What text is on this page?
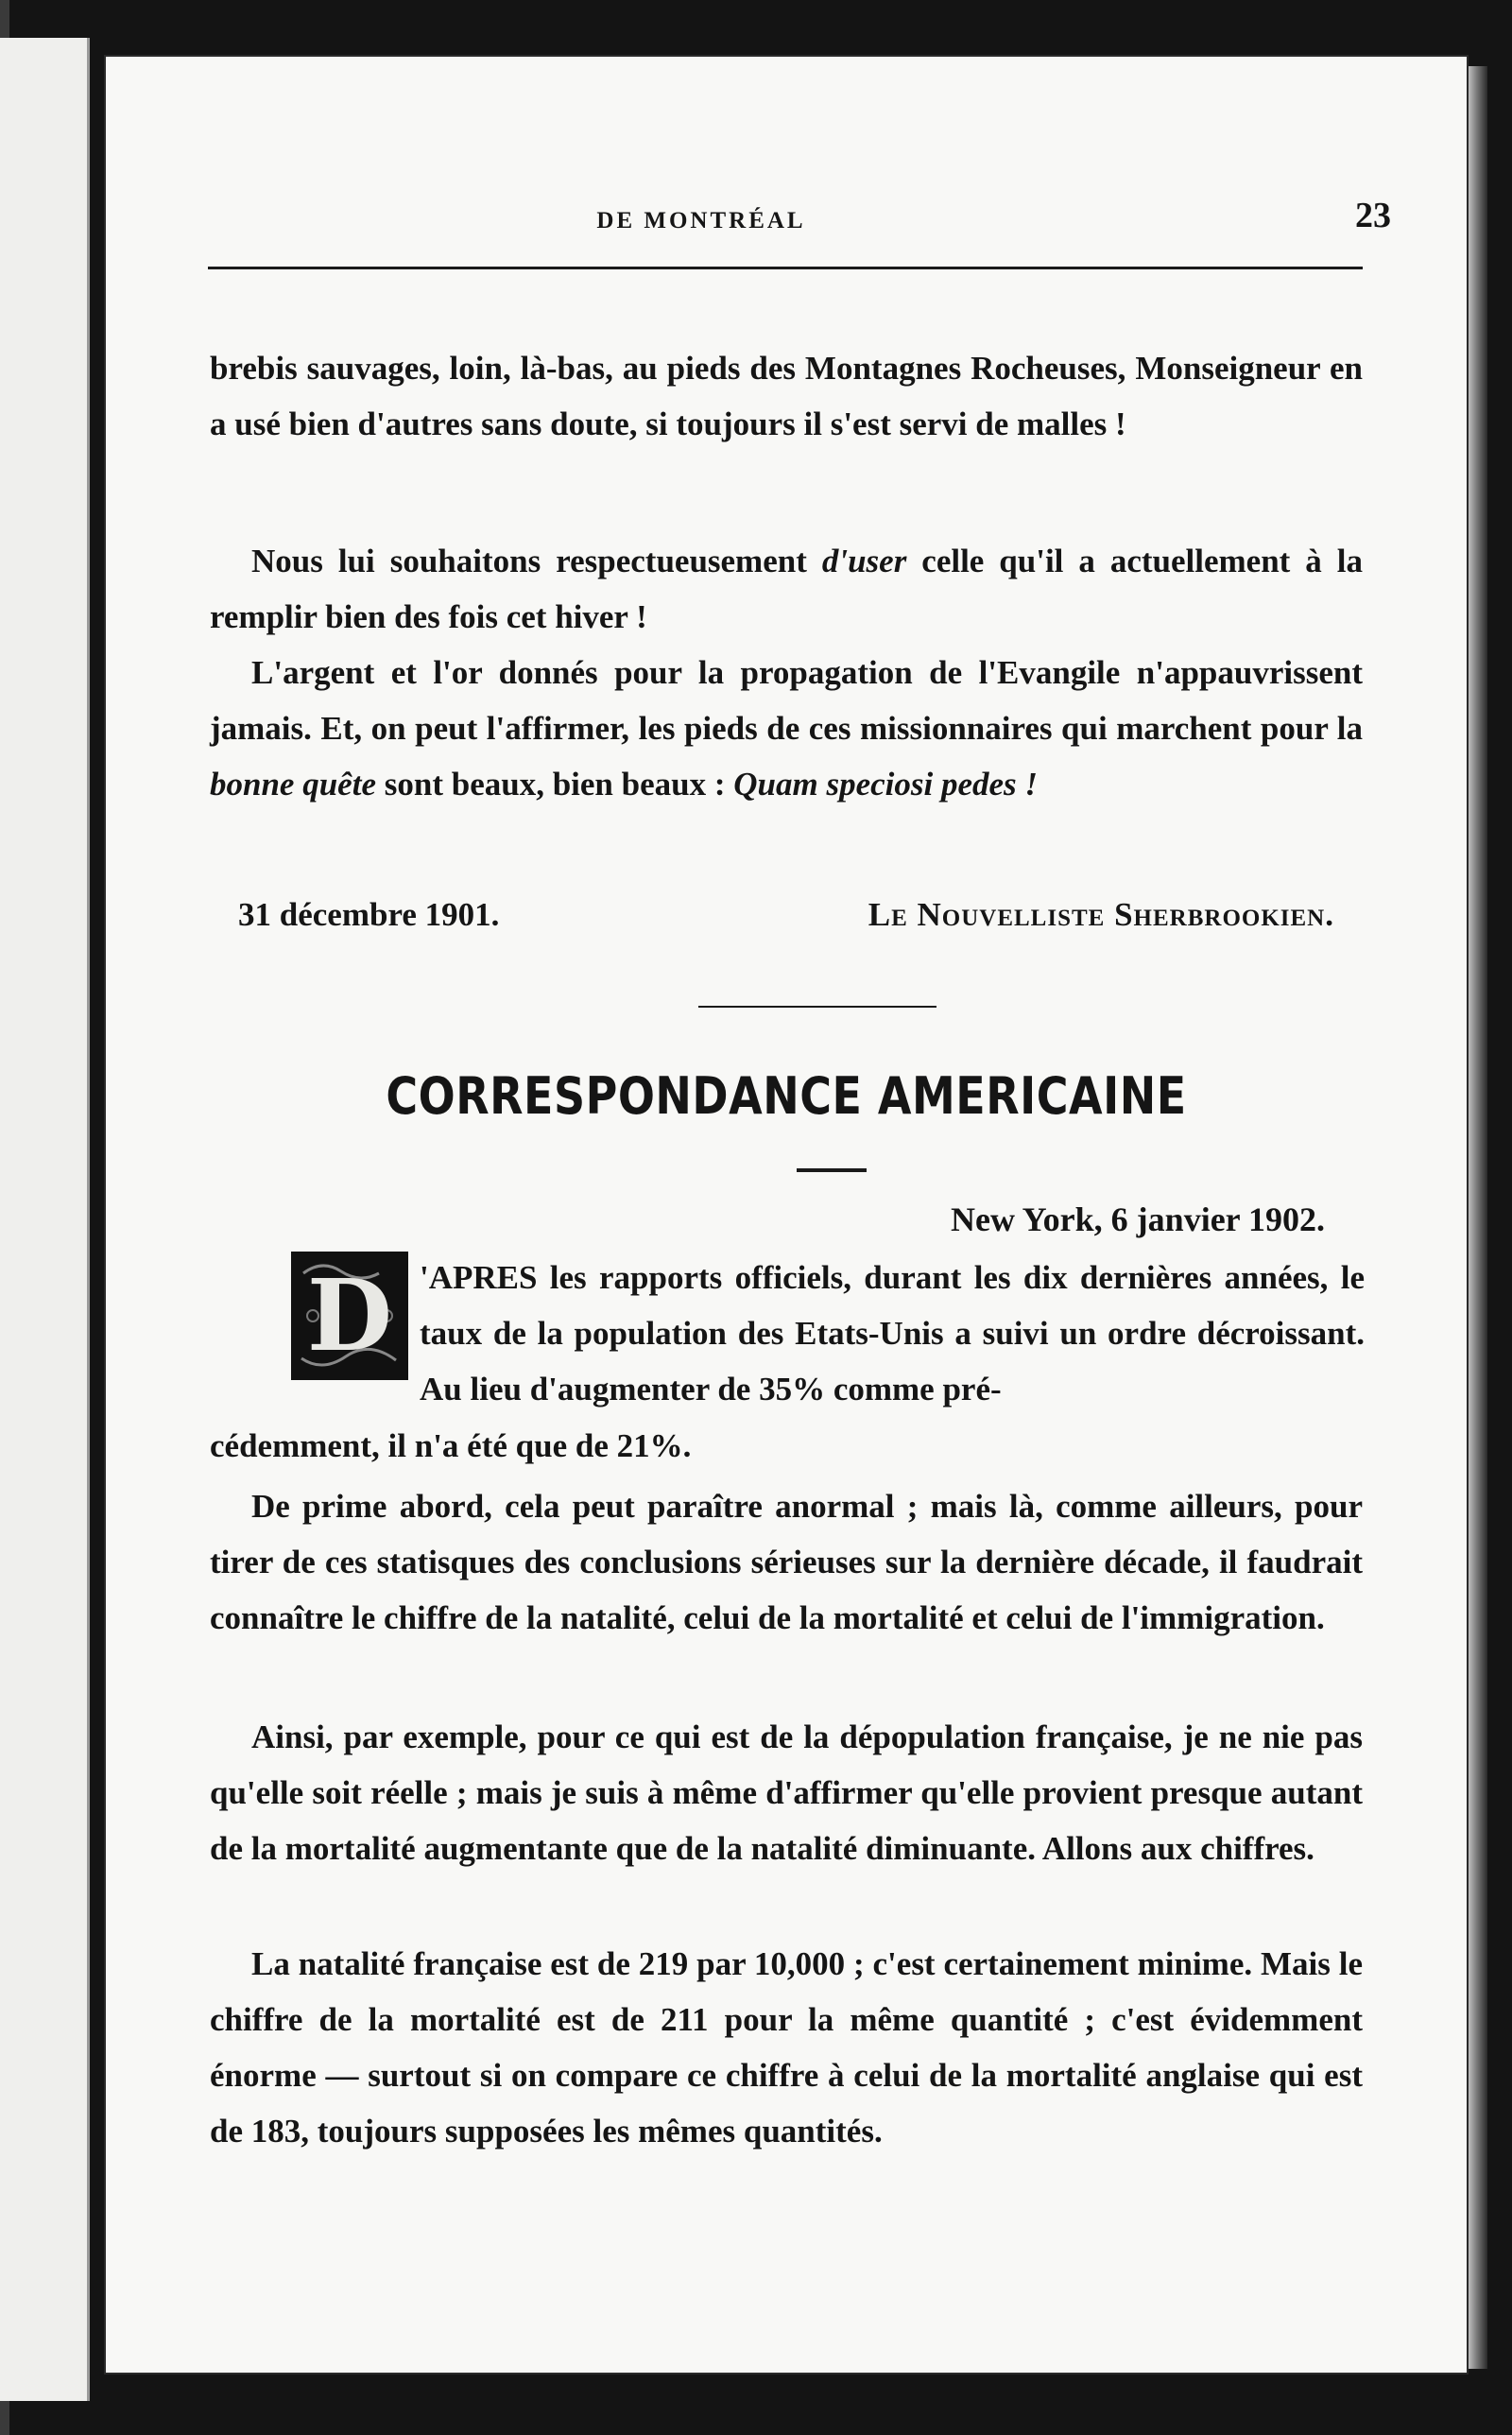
DE MONTRÉAL	23
brebis sauvages, loin, là-bas, au pieds des Montagnes Rocheuses, Monseigneur en a usé bien d'autres sans doute, si toujours il s'est servi de malles !
Nous lui souhaitons respectueusement d'user celle qu'il a actuellement à la remplir bien des fois cet hiver !
L'argent et l'or donnés pour la propagation de l'Evangile n'appauvrissent jamais. Et, on peut l'affirmer, les pieds de ces missionnaires qui marchent pour la bonne quête sont beaux, bien beaux : Quam speciosi pedes !
31 décembre 1901.	Le Nouvelliste Sherbrookien.
CORRESPONDANCE AMERICAINE
New York, 6 janvier 1902.
D 'APRES les rapports officiels, durant les dix dernières années, le taux de la population des Etats-Unis a suivi un ordre décroissant. Au lieu d'augmenter de 35% comme pré-
cédemment, il n'a été que de 21%.
De prime abord, cela peut paraître anormal ; mais là, comme ailleurs, pour tirer de ces statisques des conclusions sérieuses sur la dernière décade, il faudrait connaître le chiffre de la natalité, celui de la mortalité et celui de l'immigration.
Ainsi, par exemple, pour ce qui est de la dépopulation française, je ne nie pas qu'elle soit réelle ; mais je suis à même d'affirmer qu'elle provient presque autant de la mortalité augmentante que de la natalité diminuante. Allons aux chiffres.
La natalité française est de 219 par 10,000 ; c'est certainement minime. Mais le chiffre de la mortalité est de 211 pour la même quantité ; c'est évidemment énorme — surtout si on compare ce chiffre à celui de la mortalité anglaise qui est de 183, toujours supposées les mêmes quantités.
